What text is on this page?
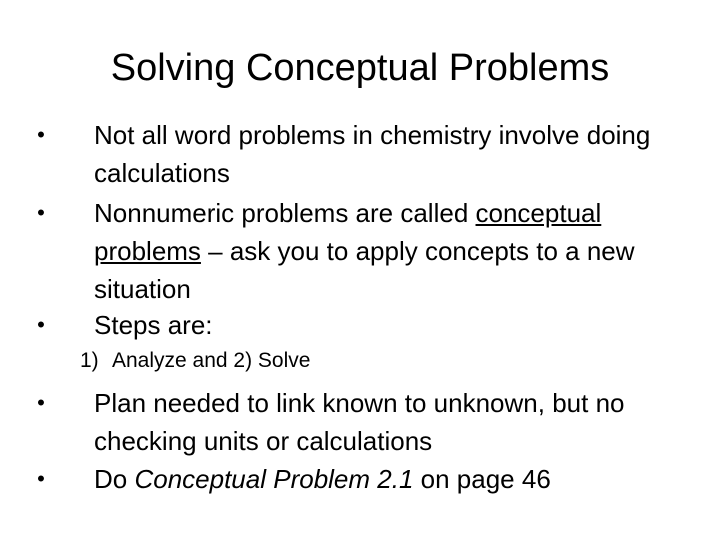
Solving Conceptual Problems
• Not all word problems in chemistry involve doing calculations
• Nonnumeric problems are called conceptual problems – ask you to apply concepts to a new situation
• Steps are:
1) Analyze and 2) Solve
• Plan needed to link known to unknown, but no checking units or calculations
• Do Conceptual Problem 2.1 on page 46
